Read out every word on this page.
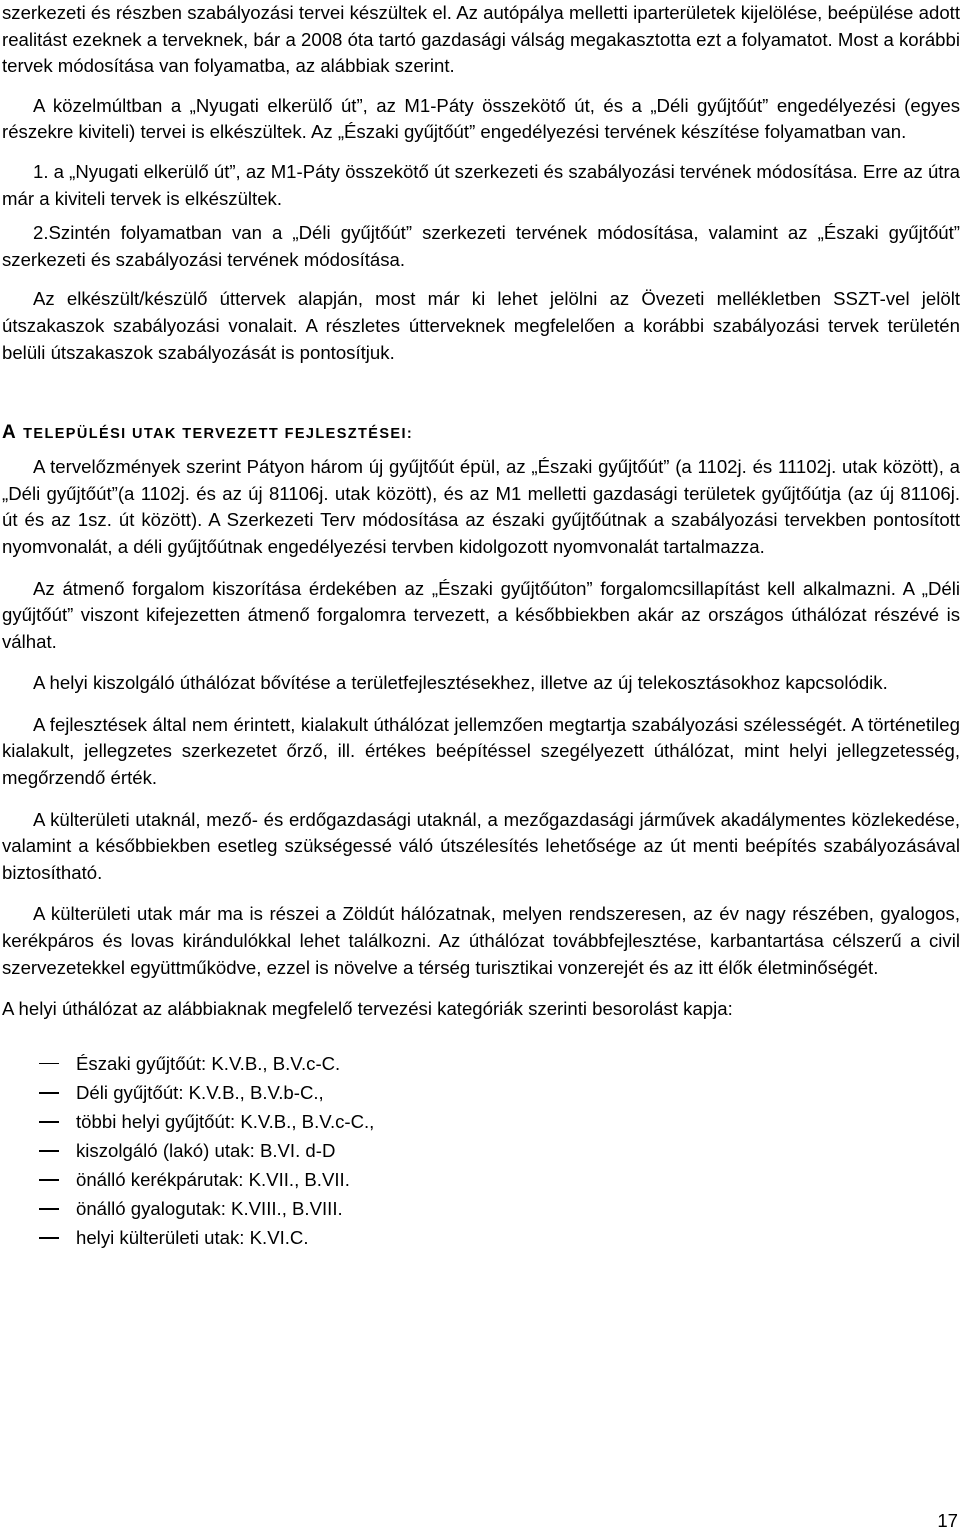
szerkezeti és részben szabályozási tervei készültek el. Az autópálya melletti iparterületek kijelölése, beépülése adott realitást ezeknek a terveknek, bár a 2008 óta tartó gazdasági válság megakasztotta ezt a folyamatot. Most a korábbi tervek módosítása van folyamatba, az alábbiak szerint.

A közelmúltban a „Nyugati elkerülő út”, az M1-Páty összekötő út, és a „Déli gyűjtőút” engedélyezési (egyes részekre kiviteli) tervei is elkészültek. Az „Északi gyűjtőút” engedélyezési tervének készítése folyamatban van.

1. a „Nyugati elkerülő út”, az M1-Páty összekötő út szerkezeti és szabályozási tervének módosítása. Erre az útra már a kiviteli tervek is elkészültek.

2.Szintén folyamatban van a „Déli gyűjtőút” szerkezeti tervének módosítása, valamint az „Északi gyűjtőút” szerkezeti és szabályozási tervének módosítása.

Az elkészült/készülő úttervek alapján, most már ki lehet jelölni az Övezeti mellékletben SSZT-vel jelölt útszakaszok szabályozási vonalait. A részletes útterveknek megfelelően a korábbi szabályozási tervek területén belüli útszakaszok szabályozását is pontosítjuk.

A TELEPÜLÉSI UTAK TERVEZETT FEJLESZTÉSEI:

A tervelőzmények szerint Pátyon három új gyűjtőút épül, az „Északi gyűjtőút” (a 1102j. és 11102j. utak között), a „Déli gyűjtőút”(a 1102j. és az új 81106j. utak között), és az M1 melletti gazdasági területek gyűjtőútja (az új 81106j. út és az 1sz. út között). A Szerkezeti Terv módosítása az északi gyűjtőútnak a szabályozási tervekben pontosított nyomvonalát, a déli gyűjtőútnak engedélyezési tervben kidolgozott nyomvonalát tartalmazza.

Az átmenő forgalom kiszorítása érdekében az „Északi gyűjtőúton” forgalomcsillapítást kell alkalmazni. A „Déli gyűjtőút” viszont kifejezetten átmenő forgalomra tervezett, a későbbiekben akár az országos úthálózat részévé is válhat.

A helyi kiszolgáló úthálózat bővítése a területfejlesztésekhez, illetve az új telekosztásokhoz kapcsolódik.

A fejlesztések által nem érintett, kialakult úthálózat jellemzően megtartja szabályozási szélességét. A történetileg kialakult, jellegzetes szerkezetet őrző, ill. értékes beépítéssel szegélyezett úthálózat, mint helyi jellegzetesség, megőrzendő érték.

A külterületi utaknál, mező- és erdőgazdasági utaknál, a mezőgazdasági járművek akadálymentes közlekedése, valamint a későbbiekben esetleg szükségessé váló útszélesítés lehetősége az út menti beépítés szabályozásával biztosítható.

A külterületi utak már ma is részei a Zöldút hálózatnak, melyen rendszeresen, az év nagy részében, gyalogos, kerékpáros és lovas kirándulókkal lehet találkozni. Az úthálózat továbbfejlesztése, karbantartása célszerű a civil szervezetekkel együttműködve, ezzel is növelve a térség turisztikai vonzerejét és az itt élők életminőségét.

A helyi úthálózat az alábbiaknak megfelelő tervezési kategóriák szerinti besorolást kapja:

Északi gyűjtőút: K.V.B., B.V.c-C.
Déli gyűjtőút: K.V.B., B.V.b-C.,
többi helyi gyűjtőút: K.V.B., B.V.c-C.,
kiszolgáló (lakó) utak: B.VI. d-D
önálló kerékpárutak: K.VII., B.VII.
önálló gyalogutak: K.VIII., B.VIII.
helyi külterületi utak: K.VI.C.
17
